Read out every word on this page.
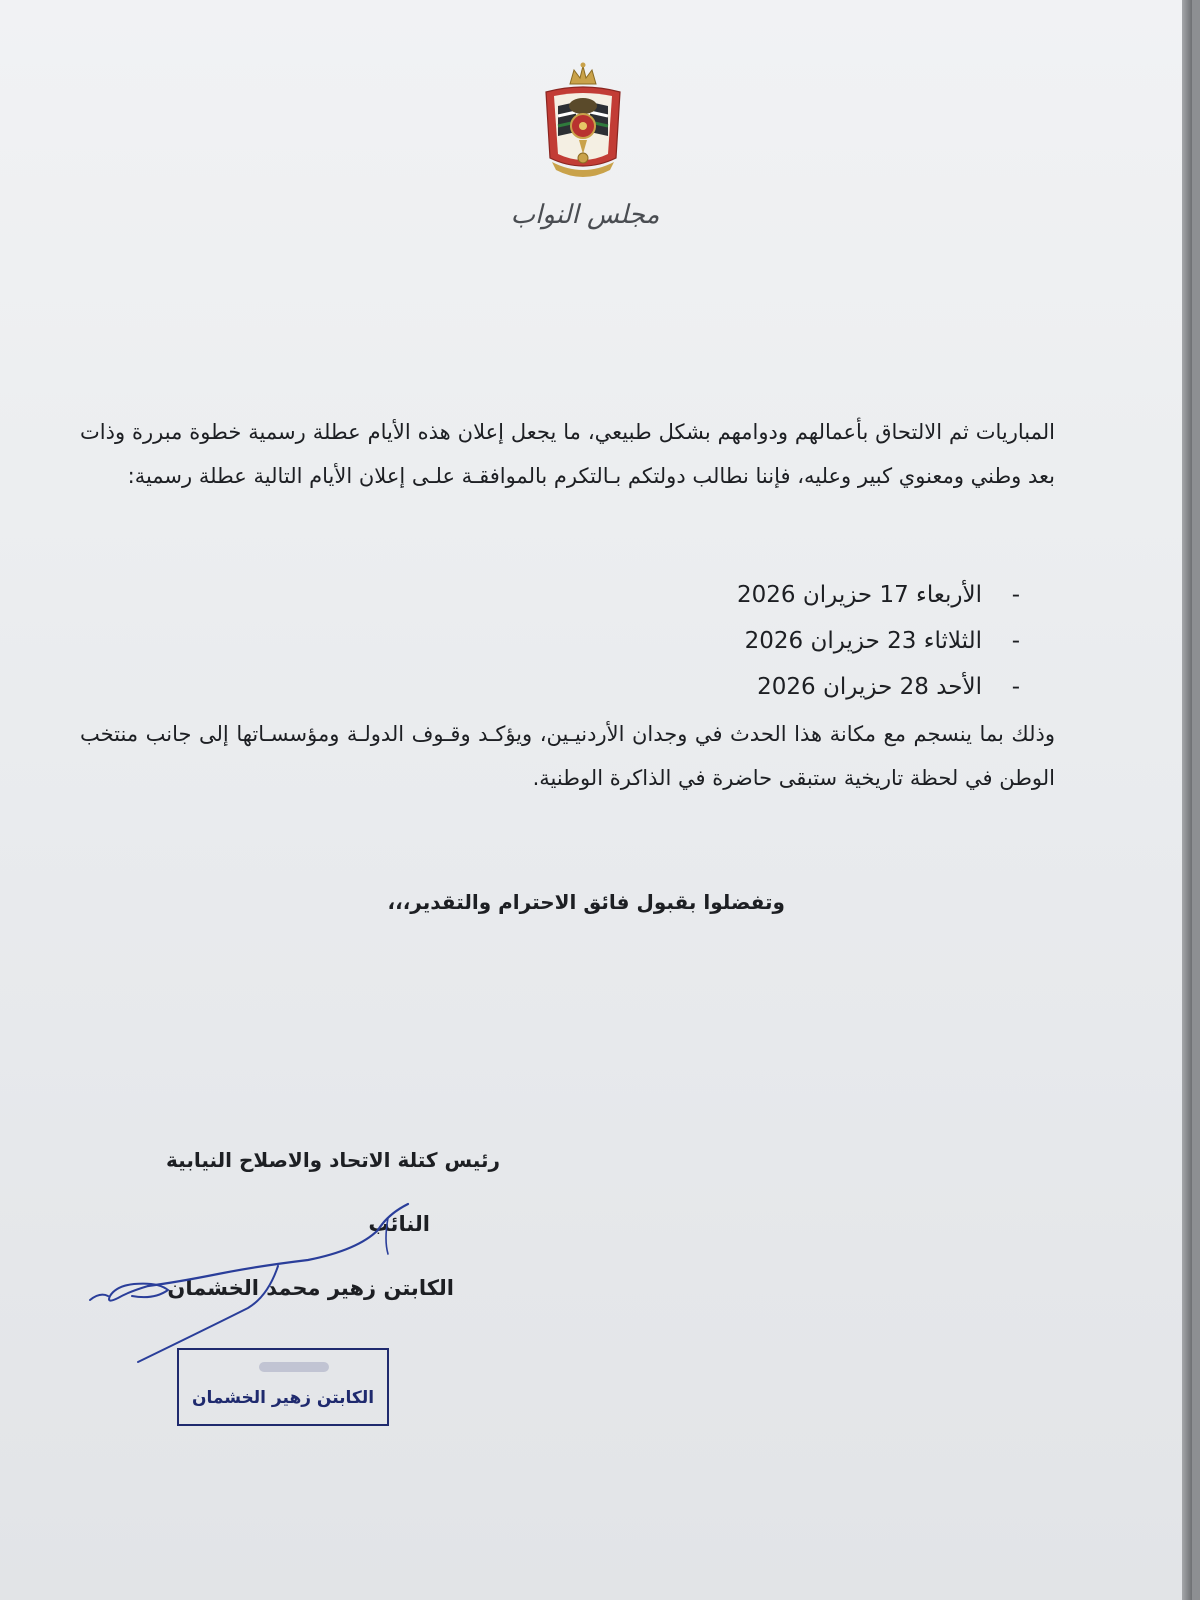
مجلس النواب
المباريات ثم الالتحاق بأعمالهم ودوامهم بشكل طبيعي، ما يجعل إعلان هذه الأيام عطلة رسمية خطوة مبررة وذات بعد وطني ومعنوي كبير وعليه، فإننا نطالب دولتكم بـالتكرم بالموافقـة علـى إعلان الأيام التالية عطلة رسمية:
-الأربعاء 17 حزيران 2026
-الثلاثاء 23 حزيران 2026
-الأحد 28 حزيران 2026
وذلك بما ينسجم مع مكانة هذا الحدث في وجدان الأردنيـين، ويؤكـد وقـوف الدولـة ومؤسسـاتها إلى جانب منتخب الوطن في لحظة تاريخية ستبقى حاضرة في الذاكرة الوطنية.
وتفضلوا بقبول فائق الاحترام والتقدير،،،
رئيس كتلة الاتحاد والاصلاح النيابية
النائب
الكابتن زهير محمد الخشمان
الكابتن زهير الخشمان
